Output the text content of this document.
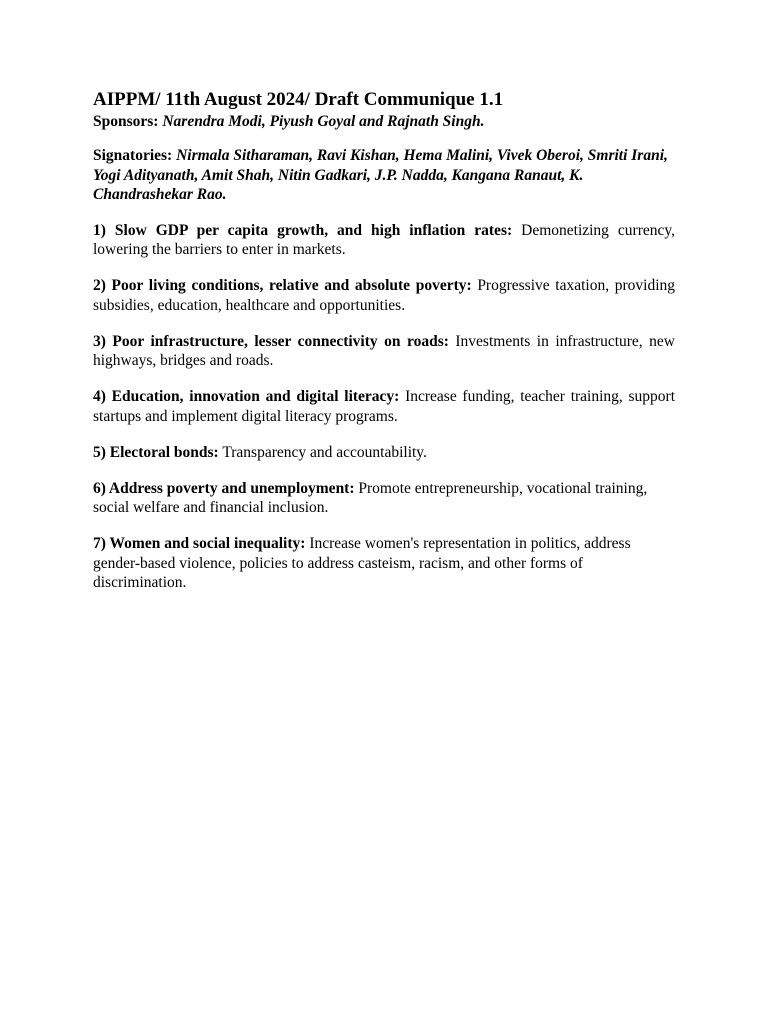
AIPPM/ 11th August 2024/ Draft Communique 1.1

Sponsors: Narendra Modi, Piyush Goyal and Rajnath Singh.

Signatories: Nirmala Sitharaman, Ravi Kishan, Hema Malini, Vivek Oberoi, Smriti Irani, Yogi Adityanath, Amit Shah, Nitin Gadkari, J.P. Nadda, Kangana Ranaut, K. Chandrashekar Rao.

1) Slow GDP per capita growth, and high inflation rates: Demonetizing currency, lowering the barriers to enter in markets.

2) Poor living conditions, relative and absolute poverty: Progressive taxation, providing subsidies, education, healthcare and opportunities.

3) Poor infrastructure, lesser connectivity on roads: Investments in infrastructure, new highways, bridges and roads.

4) Education, innovation and digital literacy: Increase funding, teacher training, support startups and implement digital literacy programs.

5) Electoral bonds: Transparency and accountability.

6) Address poverty and unemployment: Promote entrepreneurship, vocational training, social welfare and financial inclusion.

7) Women and social inequality: Increase women's representation in politics, address gender-based violence, policies to address casteism, racism, and other forms of discrimination.
